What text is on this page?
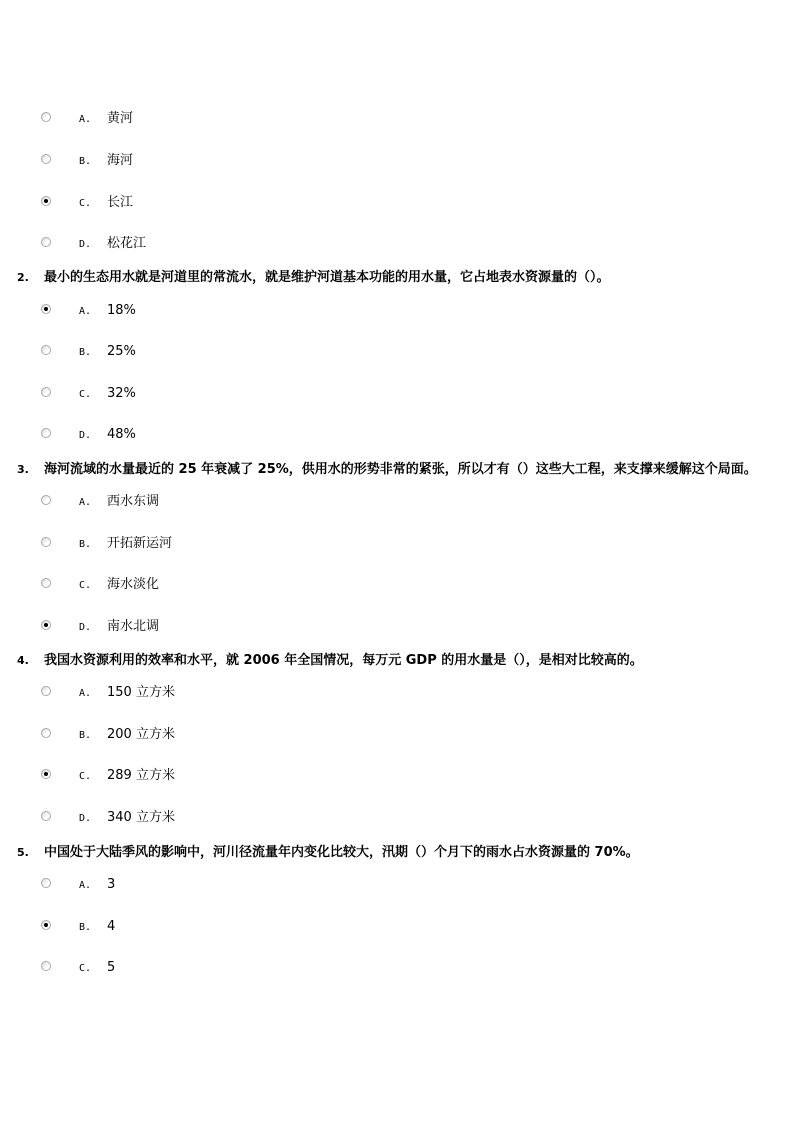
A. 黄河
B. 海河
C. 长江
D. 松花江
2. 最小的生态用水就是河道里的常流水，就是维护河道基本功能的用水量，它占地表水资源量的（）。
A. 18%
B. 25%
C. 32%
D. 48%
3. 海河流域的水量最近的 25 年衰减了 25%，供用水的形势非常的紧张，所以才有（）这些大工程，来支撑来缓解这个局面。
A. 西水东调
B. 开拓新运河
C. 海水淡化
D. 南水北调
4. 我国水资源利用的效率和水平，就 2006 年全国情况，每万元 GDP 的用水量是（），是相对比较高的。
A. 150 立方米
B. 200 立方米
C. 289 立方米
D. 340 立方米
5. 中国处于大陆季风的影响中，河川径流量年内变化比较大，汛期（）个月下的雨水占水资源量的 70%。
A. 3
B. 4
C. 5
